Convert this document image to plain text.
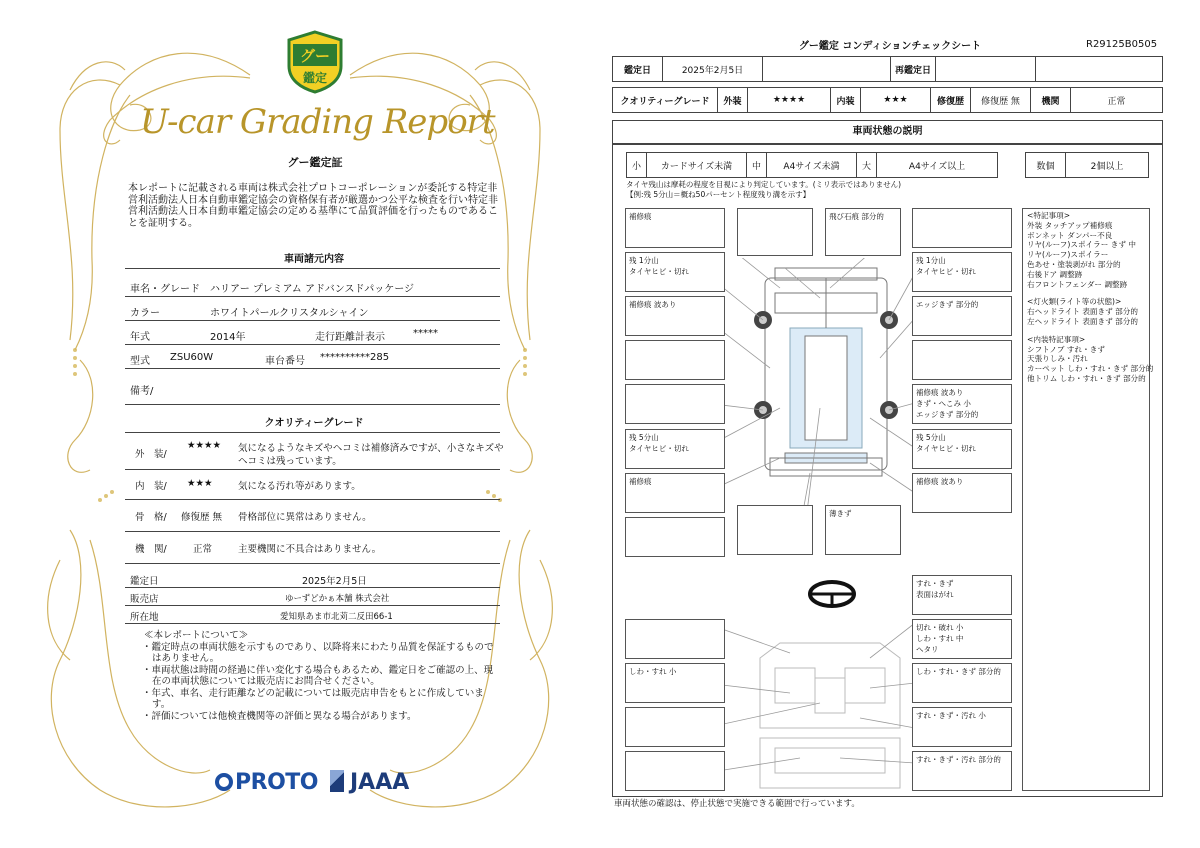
グー
鑑定
U-car Grading Report
グー鑑定証
本レポートに記載される車両は株式会社プロトコーポレーションが委託する特定非営利活動法人日本自動車鑑定協会の資格保有者が厳選かつ公平な検査を行い特定非営利活動法人日本自動車鑑定協会の定める基準にて品質評価を行ったものであることを証明する。
車両諸元内容
車名・グレード ハリアー プレミアム アドバンスドパッケージ
カラー	ホワイトパールクリスタルシャイン
年式	2014年	走行距離計表示	*****
型式 ZSU60W	車台番号 **********285
備考/
クオリティーグレード
外　装/
★★★★ 気になるようなキズやヘコミは補修済みですが、小さなキズや
ヘコミは残っています。
内　装/ ★★★	気になる汚れ等があります。
骨　格/ 修復歴 無 骨格部位に異常はありません。
機　関/	正常	主要機関に不具合はありません。
鑑定日	2025年2月5日
販売店	ゆーずどかぁ本舗 株式会社
所在地	愛知県あま市北苅二反田66-1
≪本レポートについて≫
・鑑定時点の車両状態を示すものであり、以降将来にわたり品質を保証するものではありません。
・車両状態は時間の経過に伴い変化する場合もあるため、鑑定日をご確認の上、現在の車両状態については販売店にお問合せください。
・年式、車名、走行距離などの記載については販売店申告をもとに作成しています。
・評価については他検査機関等の評価と異なる場合があります。
PROTO	JAAA
グー鑑定 コンディションチェックシート	R29125B0505
鑑定日	2025年2月5日		再鑑定日		
クオリティーグレード	外装	★★★★	内装	★★★	修復歴	修復歴 無	機関	正常
車両状態の説明
小	カードサイズ未満	中	A4サイズ未満	大	A4サイズ以上	数個	2個以上
タイヤ残山は摩耗の程度を目視により判定しています。(ミリ表示ではありません)
【例:残 5分山＝概ね50パーセント程度残り溝を示す】
補修痕
残 1分山
タイヤヒビ・切れ
補修痕 波あり
残 5分山
タイヤヒビ・切れ
補修痕
飛び石痕 部分的
薄きず
残 1分山
タイヤヒビ・切れ
エッジきず 部分的
補修痕 波あり
きず・へこみ 小
エッジきず 部分的
残 5分山
タイヤヒビ・切れ
補修痕 波あり
すれ・きず
表面はがれ
切れ・破れ 小
しわ・すれ 中
へタリ
しわ・すれ・きず 部分的
すれ・きず・汚れ 小
すれ・きず・汚れ 部分的
しわ・すれ 小
<特記事項>
外装 タッチアップ補修痕
ボンネット ダンパー不良
リヤ(ルーフ)スポイラー きず 中
リヤ(ルーフ)スポイラー
色あせ・塗装剥がれ 部分的
右後ドア 調整跡
右フロントフェンダー 調整跡
<灯火類(ライト等の状態)>
右ヘッドライト 表面きず 部分的
左ヘッドライト 表面きず 部分的
<内装特記事項>
シフトノブ すれ・きず
天張りしみ・汚れ
カーペット しわ・すれ・きず 部分的
他トリム しわ・すれ・きず 部分的
車両状態の確認は、停止状態で実施できる範囲で行っています。
